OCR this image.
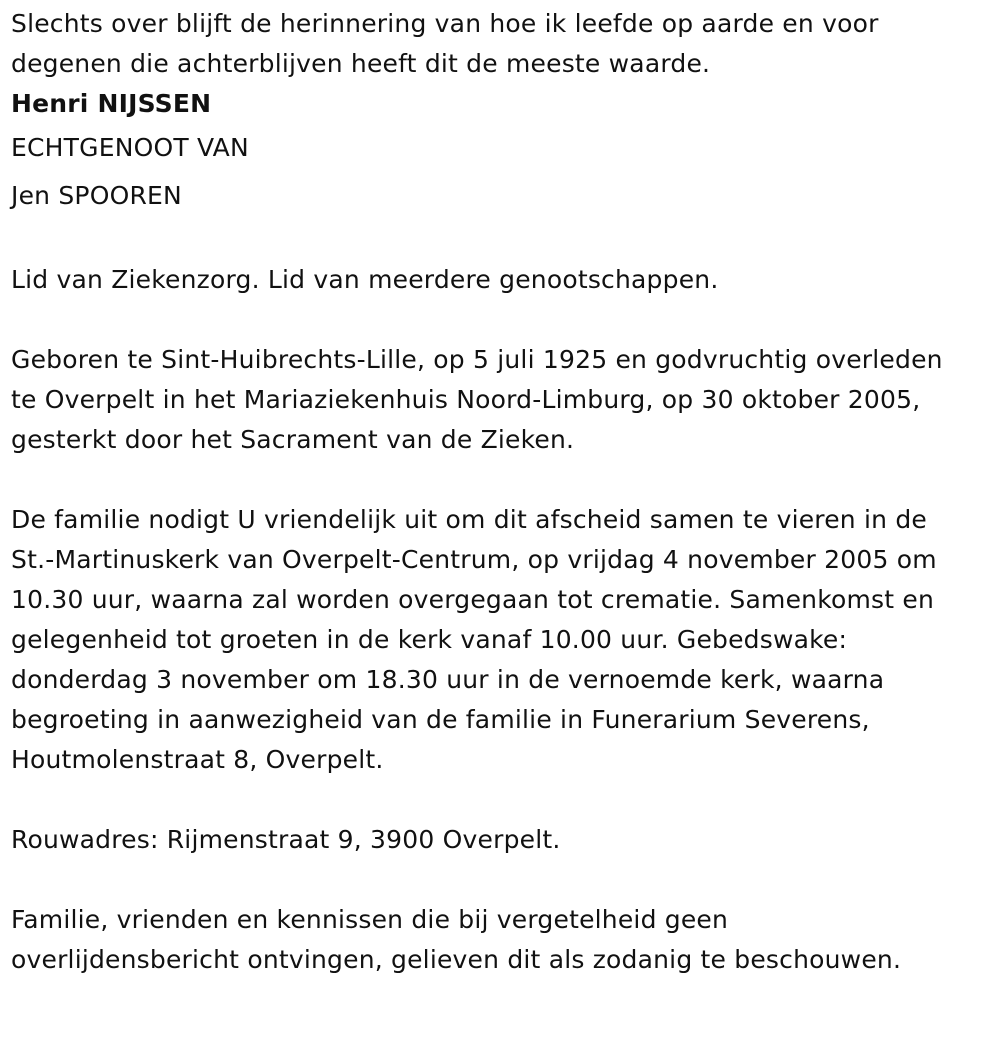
Slechts over blijft de herinnering van hoe ik leefde op aarde en voor
degenen die achterblijven heeft dit de meeste waarde.

Henri NIJSSEN

ECHTGENOOT VAN

Jen SPOOREN

Lid van Ziekenzorg. Lid van meerdere genootschappen.

Geboren te Sint-Huibrechts-Lille, op 5 juli 1925 en godvruchtig overleden
te Overpelt in het Mariaziekenhuis Noord-Limburg, op 30 oktober 2005,
gesterkt door het Sacrament van de Zieken.

De familie nodigt U vriendelijk uit om dit afscheid samen te vieren in de
St.-Martinuskerk van Overpelt-Centrum, op vrijdag 4 november 2005 om
10.30 uur, waarna zal worden overgegaan tot crematie. Samenkomst en
gelegenheid tot groeten in de kerk vanaf 10.00 uur. Gebedswake:
donderdag 3 november om 18.30 uur in de vernoemde kerk, waarna
begroeting in aanwezigheid van de familie in Funerarium Severens,
Houtmolenstraat 8, Overpelt.

Rouwadres: Rijmenstraat 9, 3900 Overpelt.

Familie, vrienden en kennissen die bij vergetelheid geen
overlijdensbericht ontvingen, gelieven dit als zodanig te beschouwen.
